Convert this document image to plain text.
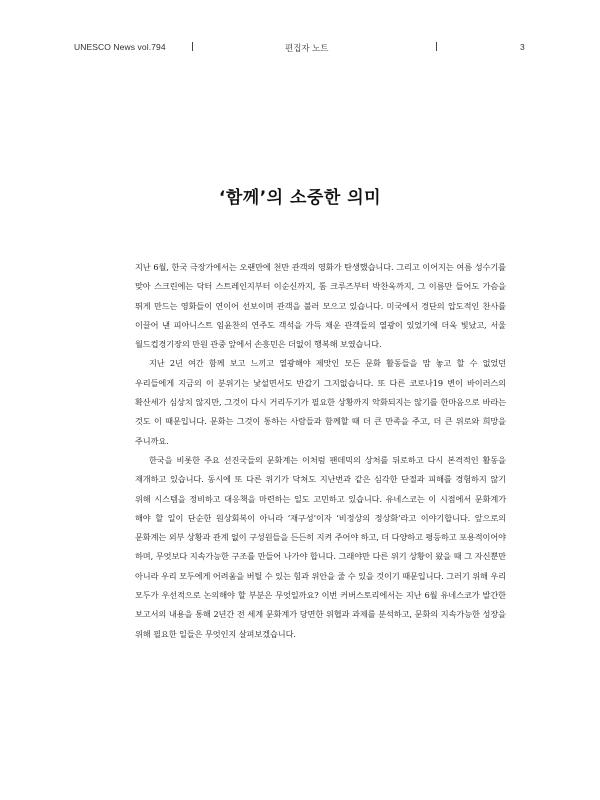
UNESCO News vol.794	편집자 노트	3
‘함께’의 소중한 의미

지난 6월, 한국 극장가에서는 오랜만에 천만 관객의 영화가 탄생했습니다. 그리고 이어지는 여름 성수기를 맞아 스크린에는 닥터 스트레인지부터 이순신까지, 톰 크루즈부터 박찬욱까지, 그 이름만 들어도 가슴을 뛰게 만드는 영화들이 연이어 선보이며 관객을 불러 모으고 있습니다. 미국에서 경단의 압도적인 찬사를 이끌어 낸 피아니스트 임윤찬의 연주도 객석을 가득 채운 관객들의 열광이 있었기에 더욱 빛났고, 서울 월드컵경기장의 만원 관중 앞에서 손흥민은 더없이 행복해 보였습니다.

지난 2년 여간 함께 보고 느끼고 열광해야 제맛인 모든 문화 활동들을 맘 놓고 할 수 없었던 우리들에게 지금의 이 분위기는 낯설면서도 반갑기 그지없습니다. 또 다른 코로나19 변이 바이러스의 확산세가 심상치 않지만, 그것이 다시 거리두기가 필요한 상황까지 악화되지는 않기를 한마음으로 바라는 것도 이 때문입니다. 문화는 그것이 통하는 사람들과 함께할 때 더 큰 만족을 주고, 더 큰 위로와 희망을 주니까요.

한국을 비롯한 주요 선진국들의 문화계는 이처럼 팬데믹의 상처를 뒤로하고 다시 본격적인 활동을 재개하고 있습니다. 동시에 또 다른 위기가 닥쳐도 지난번과 같은 심각한 단절과 피해를 경험하지 않기 위해 시스템을 정비하고 대응책을 마련하는 일도 고민하고 있습니다. 유네스코는 이 시점에서 문화계가 해야 할 일이 단순한 원상회복이 아니라 ‘재구성’이자 ‘비정상의 정상화’라고 이야기합니다. 앞으로의 문화계는 외부 상황과 관계 없이 구성원들을 든든히 지켜 주어야 하고, 더 다양하고 평등하고 포용적이어야 하며, 무엇보다 지속가능한 구조를 만들어 나가야 합니다. 그래야만 다른 위기 상황이 왔을 때 그 자신뿐만 아니라 우리 모두에게 어려움을 버틸 수 있는 힘과 위안을 줄 수 있을 것이기 때문입니다. 그러기 위해 우리 모두가 우선적으로 논의해야 할 부분은 무엇일까요? 이번 커버스토리에서는 지난 6월 유네스코가 발간한 보고서의 내용을 통해 2년간 전 세계 문화계가 당면한 위협과 과제를 분석하고, 문화의 지속가능한 성장을 위해 필요한 일들은 무엇인지 살펴보겠습니다.
